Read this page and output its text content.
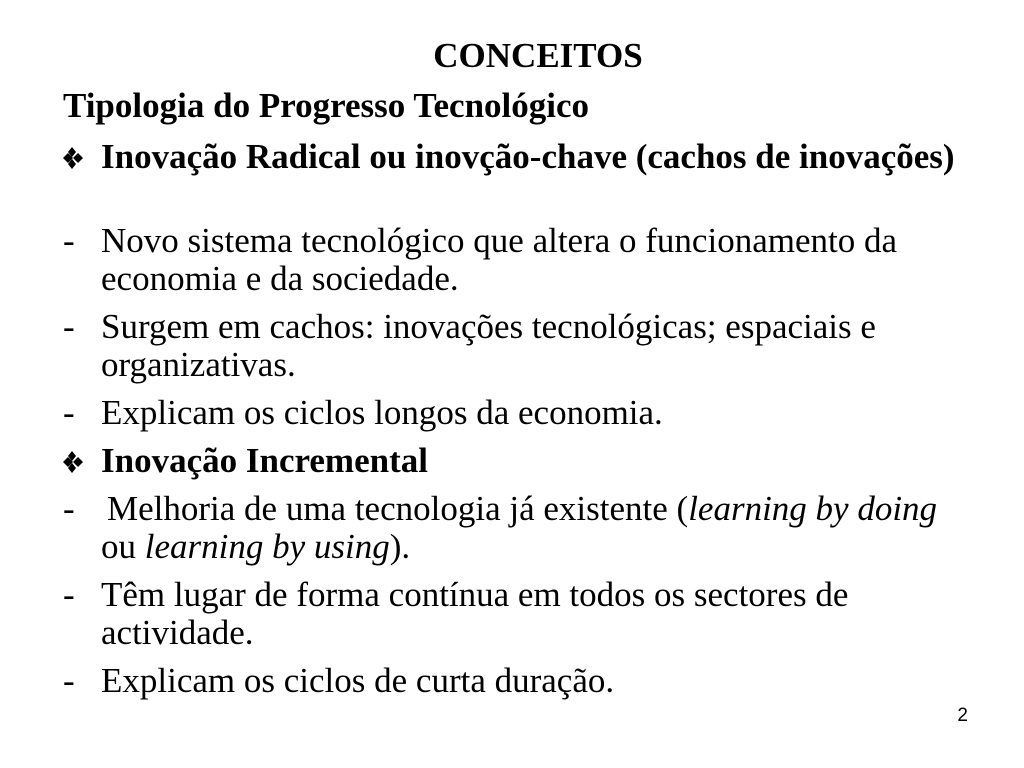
CONCEITOS
Tipologia do Progresso Tecnológico
Inovação Radical ou inovção-chave (cachos de inovações)
- Novo sistema tecnológico que altera o funcionamento da economia e da sociedade.
- Surgem em cachos: inovações tecnológicas; espaciais e organizativas.
- Explicam os ciclos longos da economia.
Inovação Incremental
- Melhoria de uma tecnologia já existente (learning by doing ou learning by using).
- Têm lugar de forma contínua em todos os sectores de actividade.
- Explicam os ciclos de curta duração.
2
